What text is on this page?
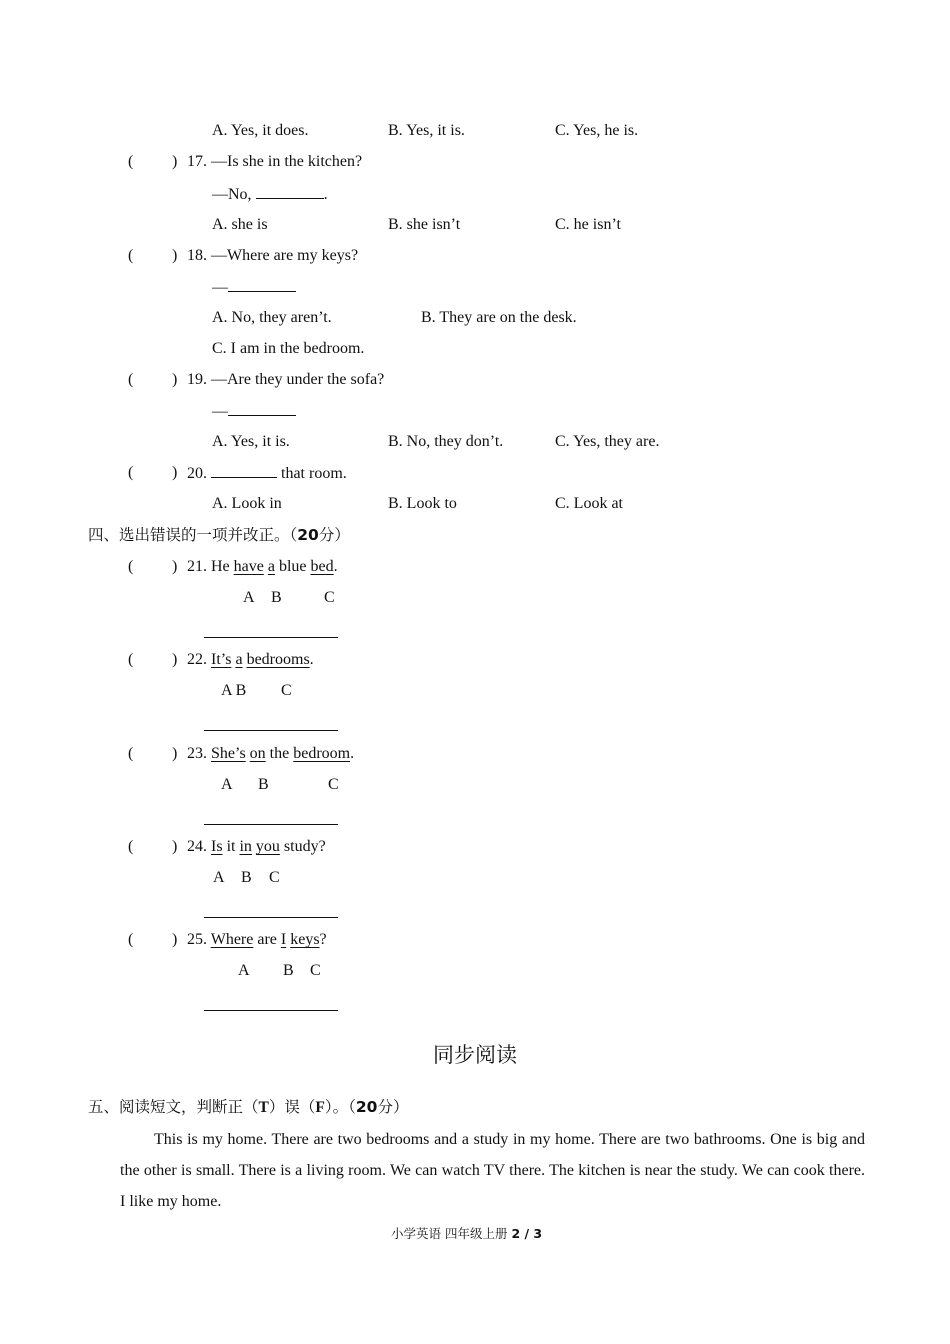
A. Yes, it does.	B. Yes, it is.	C. Yes, he is.
( ) 17. —Is she in the kitchen?
—No,	.
A. she is	B. she isn’t	C. he isn’t
( ) 18. —Where are my keys?
—
A. No, they aren’t.	B. They are on the desk.
C. I am in the bedroom.
( ) 19. —Are they under the sofa?
—
A. Yes, it is.	B. No, they don’t.	C. Yes, they are.
( ) 20.	that room.
A. Look in	B. Look to	C. Look at
四、选出错误的一项并改正。（20分）
( ) 21. He have a blue bed.
A B	C
( ) 22. It’s a bedrooms.
A B C
( ) 23. She’s on the bedroom.
A B	C
( ) 24. Is it in you study?
A B C
( ) 25. Where are I keys?
A B C
同步阅读
五、阅读短文，判断正（T）误（F）。（20分）
This is my home. There are two bedrooms and a study in my home. There are two bathrooms. One is big and the other is small. There is a living room. We can watch TV there. The kitchen is near the study. We can cook there. I like my home.
小学英语 四年级上册 2 / 3
